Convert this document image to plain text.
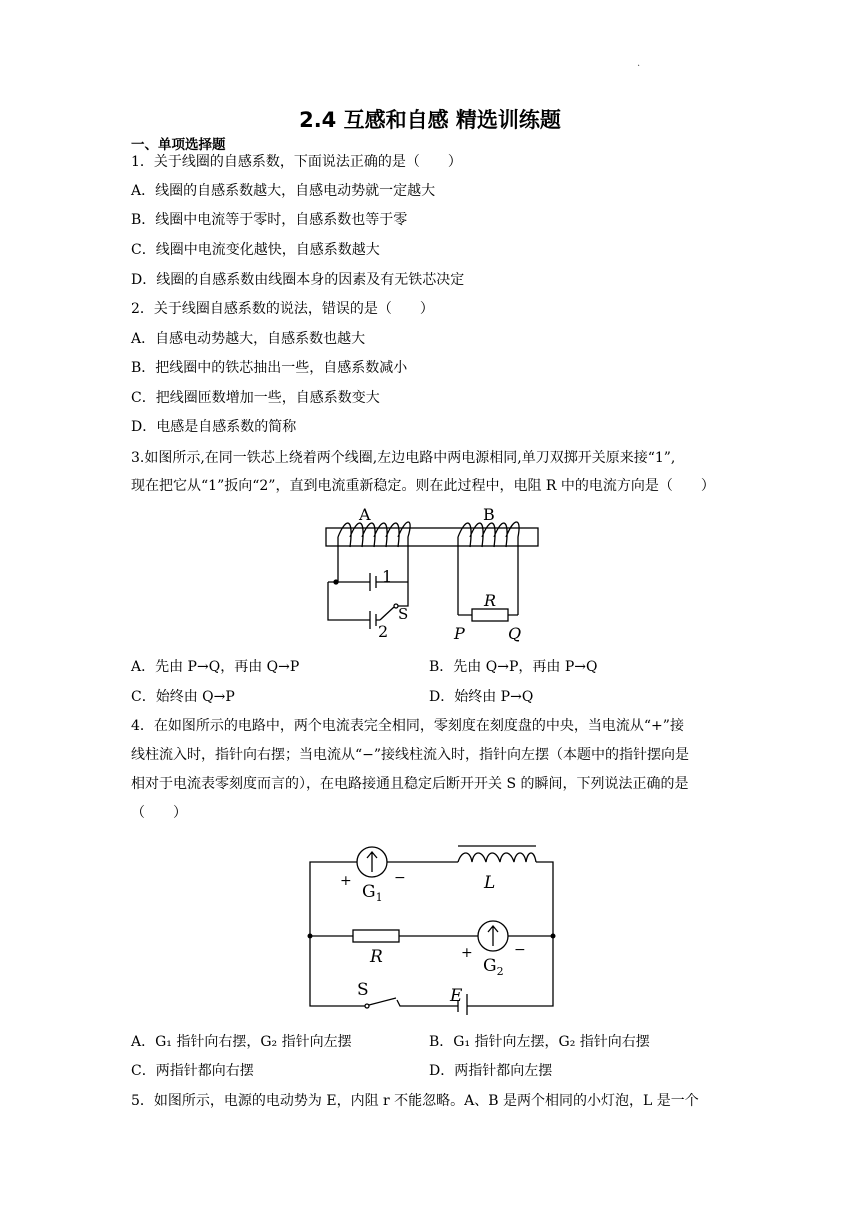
.
2.4 互感和自感 精选训练题
一、单项选择题
1．关于线圈的自感系数，下面说法正确的是（　　）
A．线圈的自感系数越大，自感电动势就一定越大
B．线圈中电流等于零时，自感系数也等于零
C．线圈中电流变化越快，自感系数越大
D．线圈的自感系数由线圈本身的因素及有无铁芯决定
2．关于线圈自感系数的说法，错误的是（　　）
A．自感电动势越大，自感系数也越大
B．把线圈中的铁芯抽出一些，自感系数减小
C．把线圈匝数增加一些，自感系数变大
D．电感是自感系数的简称
3.如图所示,在同一铁芯上绕着两个线圈,左边电路中两电源相同,单刀双掷开关原来接“1”,
现在把它从“1”扳向“2”，直到电流重新稳定。则在此过程中，电阻 R 中的电流方向是（　　）
A	B
1
2
S
R
P	Q
A．先由 P→Q，再由 Q→P	B．先由 Q→P，再由 P→Q
C．始终由 Q→P	D．始终由 P→Q
4．在如图所示的电路中，两个电流表完全相同，零刻度在刻度盘的中央，当电流从“+”接
线柱流入时，指针向右摆；当电流从“−”接线柱流入时，指针向左摆（本题中的指针摆向是
相对于电流表零刻度而言的），在电路接通且稳定后断开开关 S 的瞬间，下列说法正确的是
（　　）
+	−
$G_1$
L
R	+	−
$G_2$
S	E
A．G₁ 指针向右摆，G₂ 指针向左摆	B．G₁ 指针向左摆，G₂ 指针向右摆
C．两指针都向右摆	D．两指针都向左摆
5．如图所示，电源的电动势为 E，内阻 r 不能忽略。A、B 是两个相同的小灯泡，L 是一个
